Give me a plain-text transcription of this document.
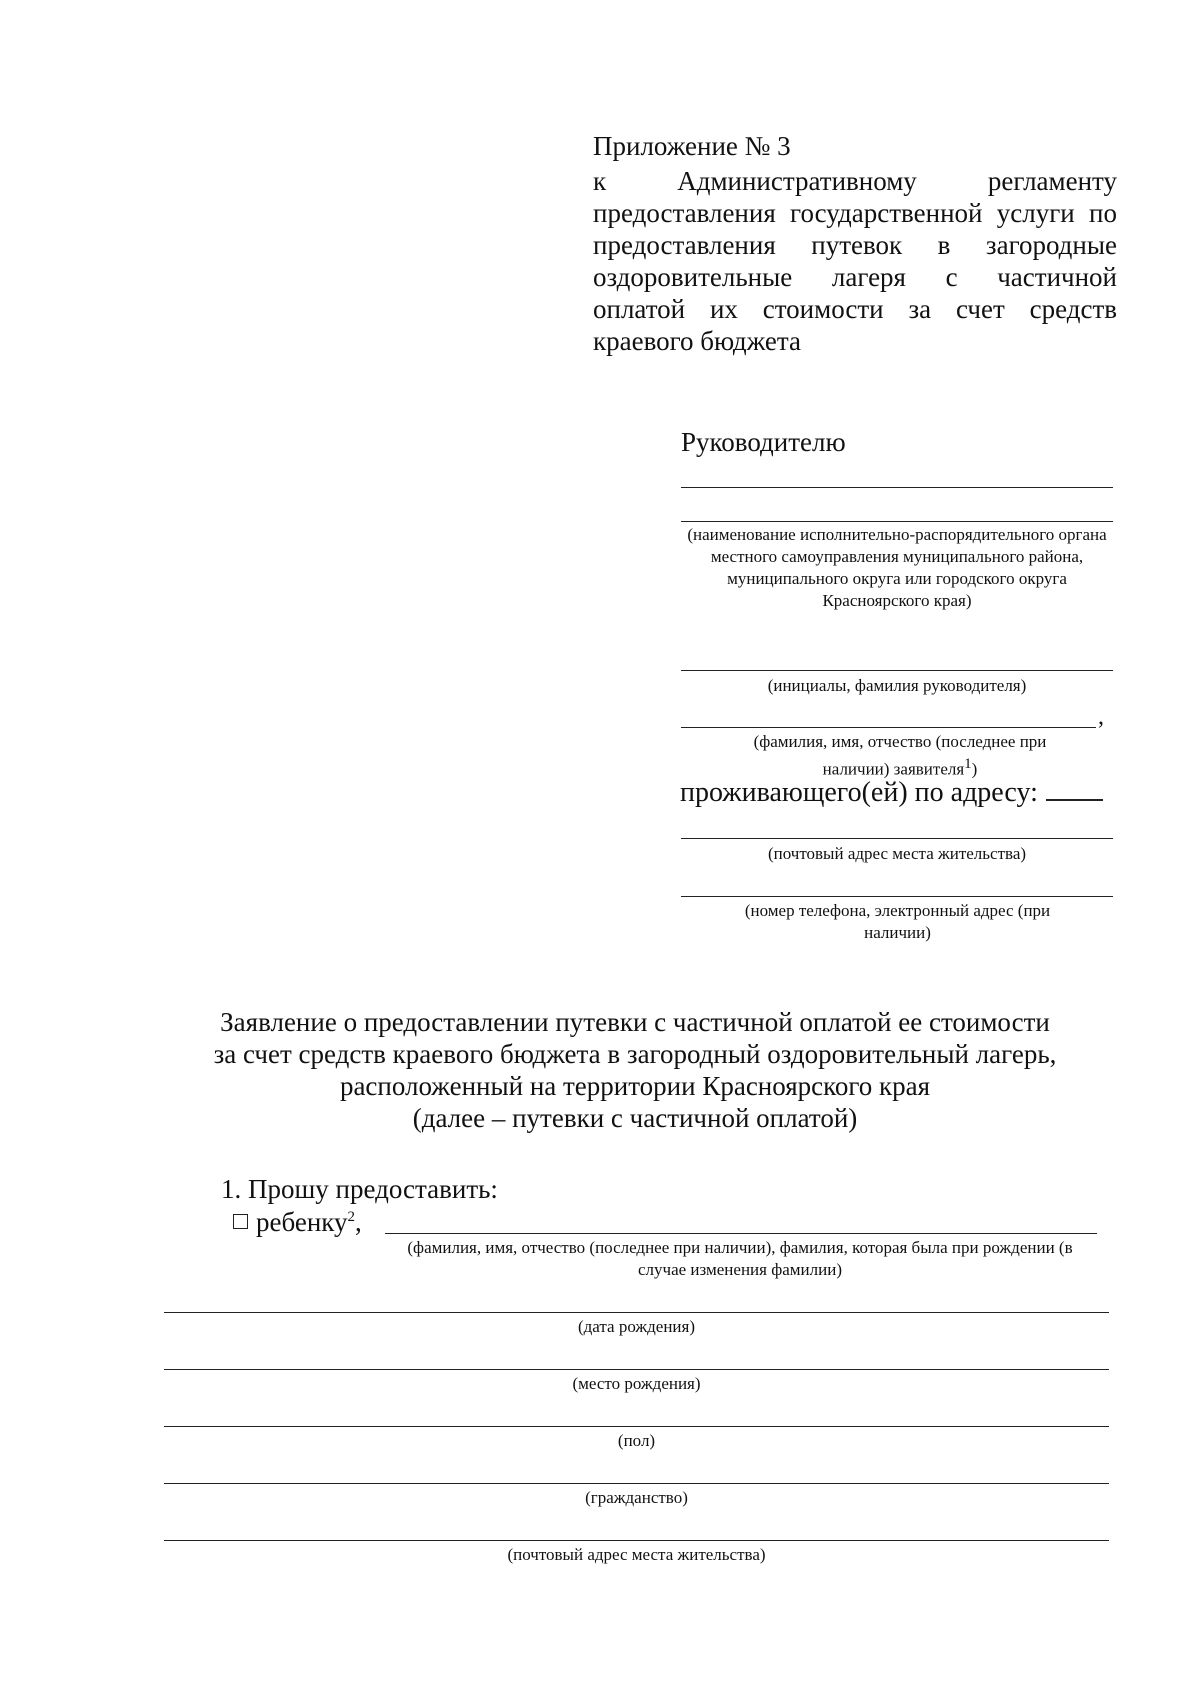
Приложение № 3
к Административному регламенту предоставления государственной услуги по предоставления путевок в загородные оздоровительные лагеря с частичной оплатой их стоимости за счет средств краевого бюджета
Руководителю
(наименование исполнительно-распорядительного органа местного самоуправления муниципального района, муниципального округа или городского округа Красноярского края)
(инициалы, фамилия руководителя)
,
(фамилия, имя, отчество (последнее при наличии) заявителя$^1$)
проживающего(ей) по адресу:
(почтовый адрес места жительства)
(номер телефона, электронный адрес (при наличии)
Заявление о предоставлении путевки с частичной оплатой ее стоимости
за счет средств краевого бюджета в загородный оздоровительный лагерь,
расположенный на территории Красноярского края
(далее – путевки с частичной оплатой)
1. Прошу предоставить:
ребенку$^2$,
(фамилия, имя, отчество (последнее при наличии), фамилия, которая была при рождении (в случае изменения фамилии)
(дата рождения)
(место рождения)
(пол)
(гражданство)
(почтовый адрес места жительства)
